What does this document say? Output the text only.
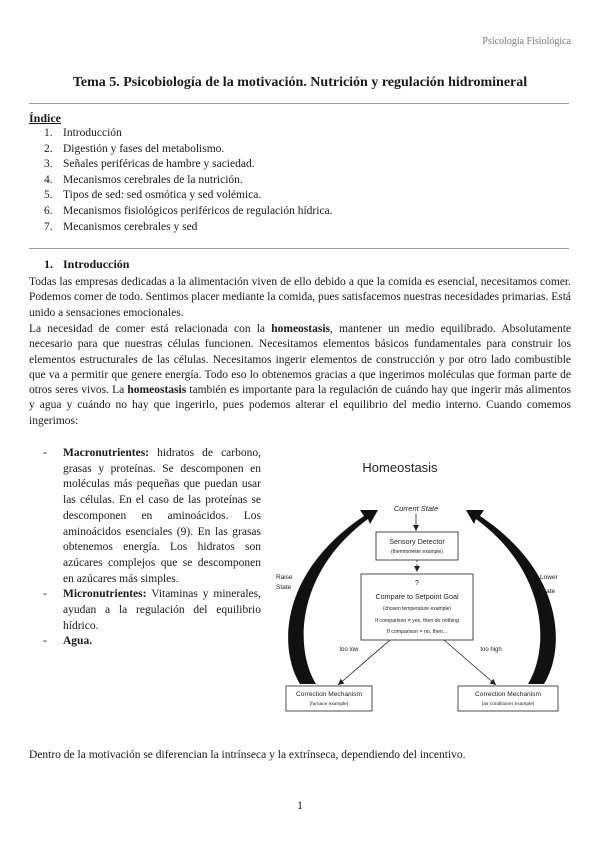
Psicología Fisiológica
Tema 5. Psicobiología de la motivación. Nutrición y regulación hidromineral
Índice
1. Introducción
2. Digestión y fases del metabolismo.
3. Señales periféricas de hambre y saciedad.
4. Mecanismos cerebrales de la nutrición.
5. Tipos de sed: sed osmótica y sed volémica.
6. Mecanismos fisiológicos periféricos de regulación hídrica.
7. Mecanismos cerebrales y sed
1. Introducción

Todas las empresas dedicadas a la alimentación viven de ello debido a que la comida es esencial, necesitamos comer. Podemos comer de todo. Sentimos placer mediante la comida, pues satisfacemos nuestras necesidades primarias. Está unido a sensaciones emocionales.

La necesidad de comer está relacionada con la homeostasis, mantener un medio equilibrado. Absolutamente necesario para que nuestras células funcionen. Necesitamos elementos básicos fundamentales para construir los elementos estructurales de las células. Necesitamos ingerir elementos de construcción y por otro lado combustible que va a permitir que genere energía. Todo eso lo obtenemos gracias a que ingerimos moléculas que forman parte de otros seres vivos. La homeostasis también es importante para la regulación de cuándo hay que ingerir más alimentos y agua y cuándo no hay que ingerirlo, pues podemos alterar el equilibrio del medio interno. Cuando comemos ingerimos:

-	Macronutrientes: hidratos de carbono, grasas y proteínas. Se descomponen en moléculas más pequeñas que puedan usar las células. En el caso de las proteínas se descomponen en aminoácidos. Los aminoácidos esenciales (9). En las grasas obtenemos energía. Los hidratos son azúcares complejos que se descomponen en azúcares más simples.
-	Micronutrientes: Vitaminas y minerales, ayudan a la regulación del equilibrio hídrico.
-	Agua.
Homeostasis
Current State
Sensory Detector
(thermometer example)
?
Compare to Setpoint Goal
(chosen temperature example)
If comparison = yes, then do nothing
If comparison = no, then...
too low	too high
Correction Mechanism
(furnace example)
Correction Mechanism
(air conditioner example)
Raise
State
Lower
State
Dentro de la motivación se diferencian la intrínseca y la extrínseca, dependiendo del incentivo.
1
